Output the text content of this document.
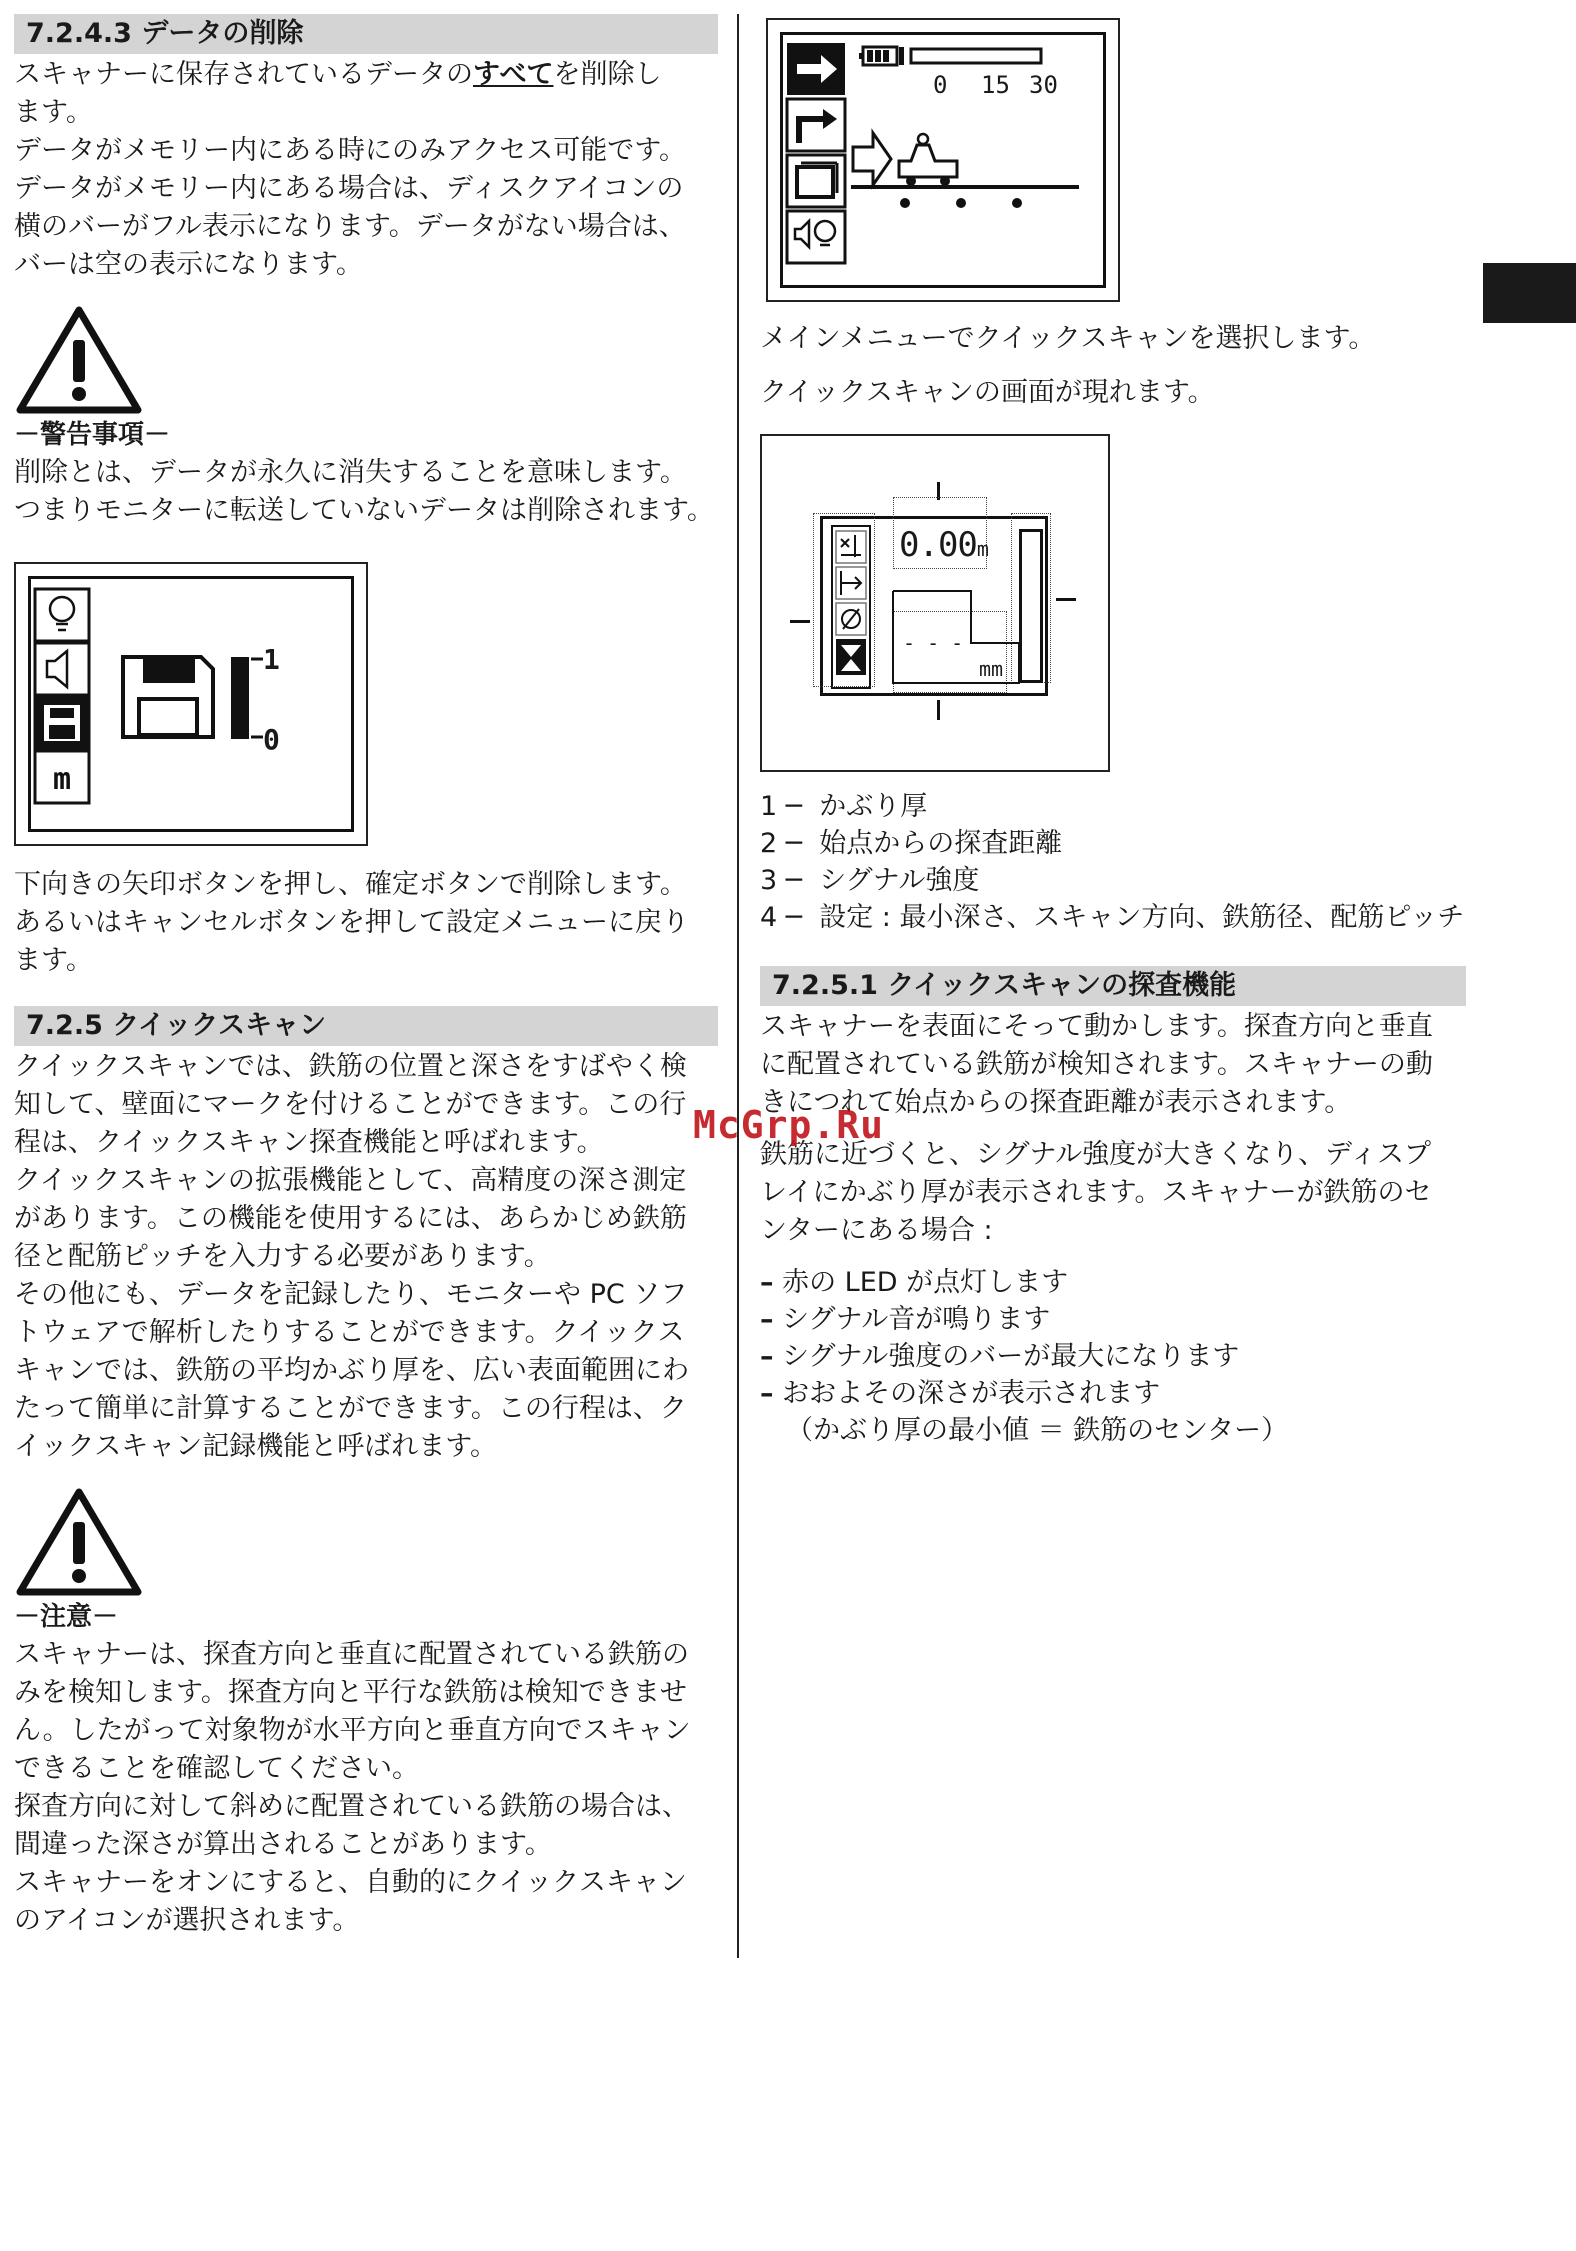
7.2.4.3 データの削除

スキャナーに保存されているデータのすべてを削除し

ます。

データがメモリー内にある時にのみアクセス可能です。

データがメモリー内にある場合は、ディスクアイコンの

横のバーがフル表示になります。データがない場合は、

バーは空の表示になります。

－警告事項－

削除とは、データが永久に消失することを意味します。

つまりモニターに転送していないデータは削除されます。

m
1
0

下向きの矢印ボタンを押し、確定ボタンで削除します。

あるいはキャンセルボタンを押して設定メニューに戻り

ます。

7.2.5 クイックスキャン

クイックスキャンでは、鉄筋の位置と深さをすばやく検

知して、壁面にマークを付けることができます。この行

程は、クイックスキャン探査機能と呼ばれます。

クイックスキャンの拡張機能として、高精度の深さ測定

があります。この機能を使用するには、あらかじめ鉄筋

径と配筋ピッチを入力する必要があります。

その他にも、データを記録したり、モニターや PC ソフ

トウェアで解析したりすることができます。クイックス

キャンでは、鉄筋の平均かぶり厚を、広い表面範囲にわ

たって簡単に計算することができます。この行程は、ク

イックスキャン記録機能と呼ばれます。

－注意－

スキャナーは、探査方向と垂直に配置されている鉄筋の

みを検知します。探査方向と平行な鉄筋は検知できませ

ん。したがって対象物が水平方向と垂直方向でスキャン

できることを確認してください。

探査方向に対して斜めに配置されている鉄筋の場合は、

間違った深さが算出されることがあります。

スキャナーをオンにすると、自動的にクイックスキャン

のアイコンが選択されます。

0 15 30

メインメニューでクイックスキャンを選択します。

クイックスキャンの画面が現れます。

0.00m
- - -
mm

1 ─ かぶり厚

2 ─ 始点からの探査距離

3 ─ シグナル強度

4 ─ 設定 : 最小深さ、スキャン方向、鉄筋径、配筋ピッチ

7.2.5.1 クイックスキャンの探査機能

スキャナーを表面にそって動かします。探査方向と垂直

に配置されている鉄筋が検知されます。スキャナーの動

きにつれて始点からの探査距離が表示されます。

鉄筋に近づくと、シグナル強度が大きくなり、ディスプ

レイにかぶり厚が表示されます。スキャナーが鉄筋のセ

ンターにある場合 :

– 赤の LED が点灯します

– シグナル音が鳴ります

– シグナル強度のバーが最大になります

– おおよその深さが表示されます

（かぶり厚の最小値 ＝ 鉄筋のセンター）

McGrp.Ru
